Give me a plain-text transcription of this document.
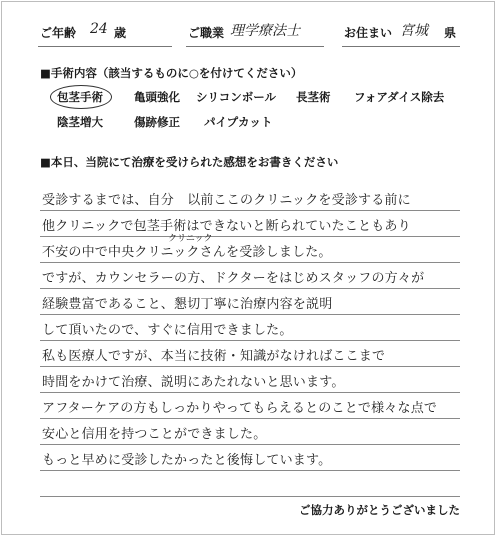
ご年齢 24 歳	ご職業 理学療法士	お住まい 宮城 県
■手術内容（該当するものに○を付けてください）
包茎手術	亀頭強化 シリコンボール 長茎術 フォアダイス除去
陰茎増大	傷跡修正 パイプカット
■本日、当院にて治療を受けられた感想をお書きください
受診するまでは、自分　以前ここのクリニックを受診する前に
他クリニックで包茎手術はできないと断られていたこともあり
クリニック
不安の中で中央クリニックさんを受診しました。
ですが、カウンセラーの方、ドクターをはじめスタッフの方々が
経験豊富であること、懇切丁寧に治療内容を説明
して頂いたので、すぐに信用できました。
私も医療人ですが、本当に技術・知識がなければここまで
時間をかけて治療、説明にあたれないと思います。
アフターケアの方もしっかりやってもらえるとのことで様々な点で
安心と信用を持つことができました。
もっと早めに受診したかったと後悔しています。
ご協力ありがとうございました
